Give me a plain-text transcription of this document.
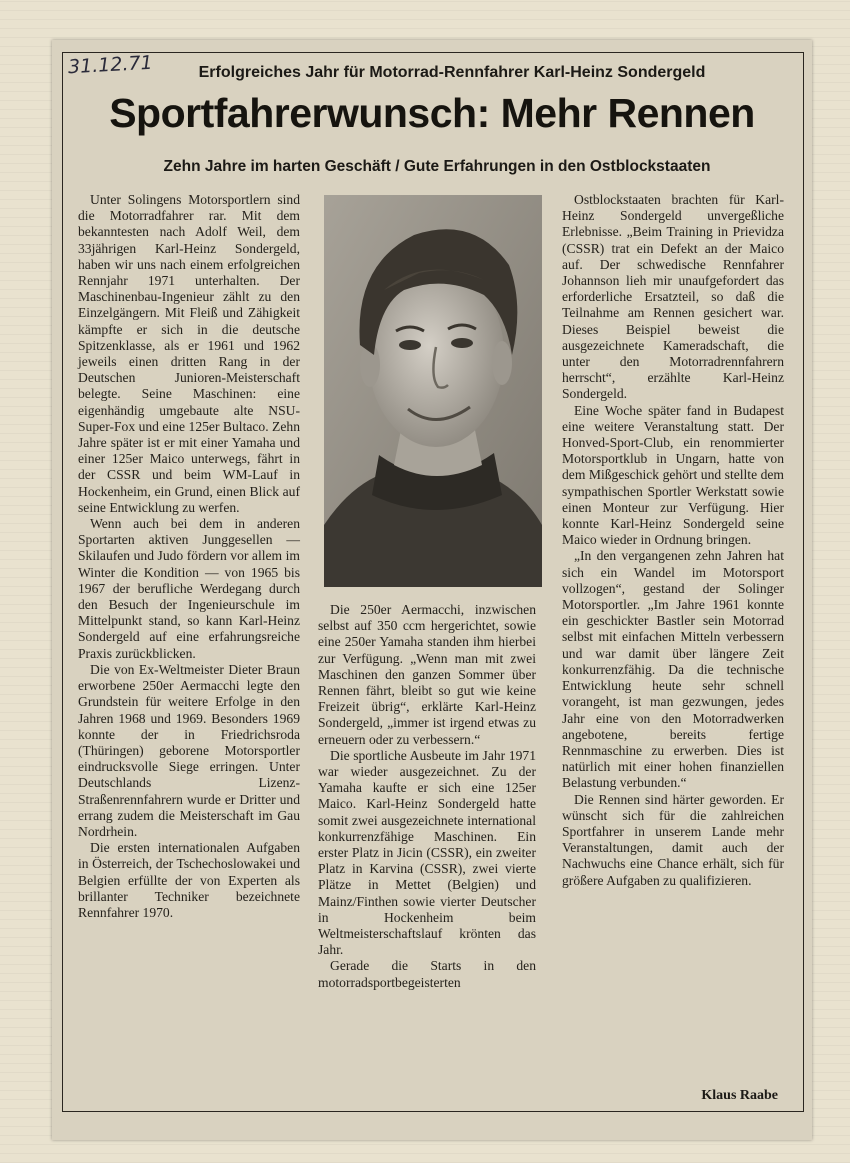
31.12.71	Erfolgreiches Jahr für Motorrad-Rennfahrer Karl-Heinz Sondergeld
Sportfahrerwunsch: Mehr Rennen
Zehn Jahre im harten Geschäft / Gute Erfahrungen in den Ostblockstaaten

Unter Solingens Motorsportlern sind die Motorradfahrer rar. Mit dem bekanntesten nach Adolf Weil, dem 33jährigen Karl-Heinz Sondergeld, haben wir uns nach einem erfolgreichen Rennjahr 1971 unterhalten. Der Maschinenbau-Ingenieur zählt zu den Einzelgängern. Mit Fleiß und Zähigkeit kämpfte er sich in die deutsche Spitzenklasse, als er 1961 und 1962 jeweils einen dritten Rang in der Deutschen Junioren-Meisterschaft belegte. Seine Maschinen: eine eigenhändig umgebaute alte NSU-Super-Fox und eine 125er Bultaco. Zehn Jahre später ist er mit einer Yamaha und einer 125er Maico unterwegs, fährt in der CSSR und beim WM-Lauf in Hockenheim, ein Grund, einen Blick auf seine Entwicklung zu werfen.

Wenn auch bei dem in anderen Sportarten aktiven Junggesellen — Skilaufen und Judo fördern vor allem im Winter die Kondition — von 1965 bis 1967 der berufliche Werdegang durch den Besuch der Ingenieurschule im Mittelpunkt stand, so kann Karl-Heinz Sondergeld auf eine erfahrungsreiche Praxis zurückblicken.

Die von Ex-Weltmeister Dieter Braun erworbene 250er Aermacchi legte den Grundstein für weitere Erfolge in den Jahren 1968 und 1969. Besonders 1969 konnte der in Friedrichsroda (Thüringen) geborene Motorsportler eindrucksvolle Siege erringen. Unter Deutschlands Lizenz-Straßenrennfahrern wurde er Dritter und errang zudem die Meisterschaft im Gau Nordrhein.

Die ersten internationalen Aufgaben in Österreich, der Tschechoslowakei und Belgien erfüllte der von Experten als brillanter Techniker bezeichnete Rennfahrer 1970.

Die 250er Aermacchi, inzwischen selbst auf 350 ccm hergerichtet, sowie eine 250er Yamaha standen ihm hierbei zur Verfügung. „Wenn man mit zwei Maschinen den ganzen Sommer über Rennen fährt, bleibt so gut wie keine Freizeit übrig“, erklärte Karl-Heinz Sondergeld, „immer ist irgend etwas zu erneuern oder zu verbessern.“

Die sportliche Ausbeute im Jahr 1971 war wieder ausgezeichnet. Zu der Yamaha kaufte er sich eine 125er Maico. Karl-Heinz Sondergeld hatte somit zwei ausgezeichnete international konkurrenzfähige Maschinen. Ein erster Platz in Jicin (CSSR), ein zweiter Platz in Karvina (CSSR), zwei vierte Plätze in Mettet (Belgien) und Mainz/Finthen sowie vierter Deutscher in Hockenheim beim Weltmeisterschaftslauf krönten das Jahr.

Gerade die Starts in den motorradsportbegeisterten

Ostblockstaaten brachten für Karl-Heinz Sondergeld unvergeßliche Erlebnisse. „Beim Training in Prievidza (CSSR) trat ein Defekt an der Maico auf. Der schwedische Rennfahrer Johannson lieh mir unaufgefordert das erforderliche Ersatzteil, so daß die Teilnahme am Rennen gesichert war. Dieses Beispiel beweist die ausgezeichnete Kameradschaft, die unter den Motorradrennfahrern herrscht“, erzählte Karl-Heinz Sondergeld.

Eine Woche später fand in Budapest eine weitere Veranstaltung statt. Der Honved-Sport-Club, ein renommierter Motorsportklub in Ungarn, hatte von dem Mißgeschick gehört und stellte dem sympathischen Sportler Werkstatt sowie einen Monteur zur Verfügung. Hier konnte Karl-Heinz Sondergeld seine Maico wieder in Ordnung bringen.

„In den vergangenen zehn Jahren hat sich ein Wandel im Motorsport vollzogen“, gestand der Solinger Motorsportler. „Im Jahre 1961 konnte ein geschickter Bastler sein Motorrad selbst mit einfachen Mitteln verbessern und war damit über längere Zeit konkurrenzfähig. Da die technische Entwicklung heute sehr schnell vorangeht, ist man gezwungen, jedes Jahr eine von den Motorradwerken angebotene, bereits fertige Rennmaschine zu erwerben. Dies ist natürlich mit einer hohen finanziellen Belastung verbunden.“

Die Rennen sind härter geworden. Er wünscht sich für die zahlreichen Sportfahrer in unserem Lande mehr Veranstaltungen, damit auch der Nachwuchs eine Chance erhält, sich für größere Aufgaben zu qualifizieren.

Klaus Raabe
